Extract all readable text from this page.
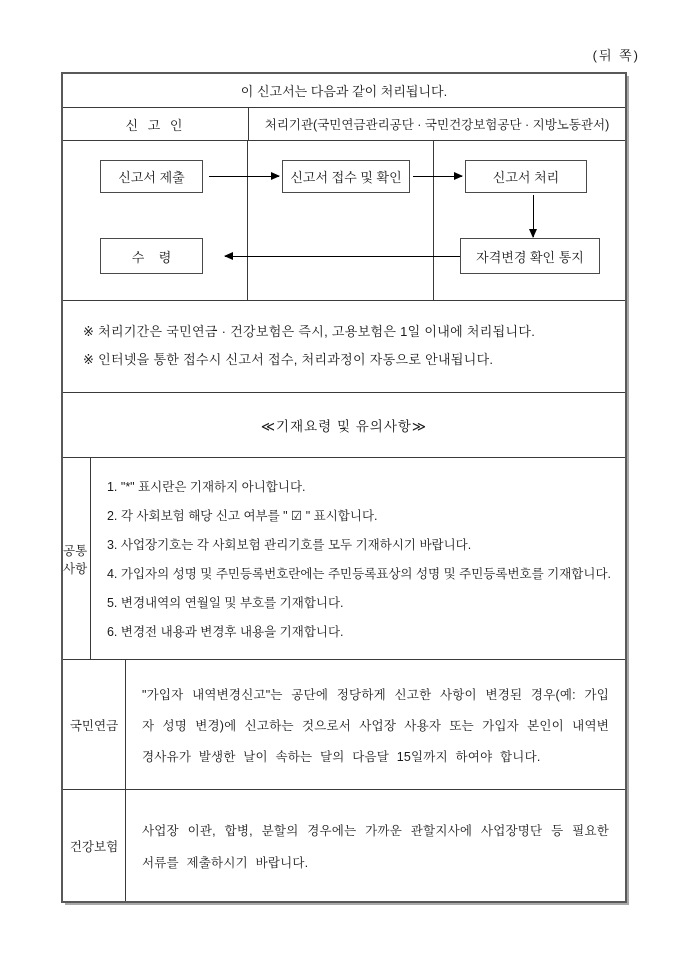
(뒤 쪽)
이 신고서는 다음과 같이 처리됩니다.
신 고 인	처리기관(국민연금관리공단 · 국민건강보험공단 · 지방노동관서)
신고서 제출	신고서 접수 및 확인	신고서 처리
자격변경 확인 통지
수    령
※ 처리기간은 국민연금 · 건강보험은 즉시, 고용보험은 1일 이내에 처리됩니다.
※ 인터넷을 통한 접수시 신고서 접수, 처리과정이 자동으로 안내됩니다.
≪기재요령 및 유의사항≫
공통사항
1. "*" 표시란은 기재하지 아니합니다.
2. 각 사회보험 해당 신고 여부를 " ☑ " 표시합니다.
3. 사업장기호는 각 사회보험 관리기호를 모두 기재하시기 바랍니다.
4. 가입자의 성명 및 주민등록번호란에는 주민등록표상의 성명 및 주민등록번호를 기재합니다.
5. 변경내역의 연월일 및 부호를 기재합니다.
6. 변경전 내용과 변경후 내용을 기재합니다.
국민연금
"가입자 내역변경신고"는 공단에 정당하게 신고한 사항이 변경된 경우(예: 가입자 성명 변경)에 신고하는 것으로서 사업장 사용자 또는 가입자 본인이 내역변경사유가 발생한 날이 속하는 달의 다음달 15일까지 하여야 합니다.
건강보험
사업장 이관, 합병, 분할의 경우에는 가까운 관할지사에 사업장명단 등 필요한 서류를 제출하시기 바랍니다.
